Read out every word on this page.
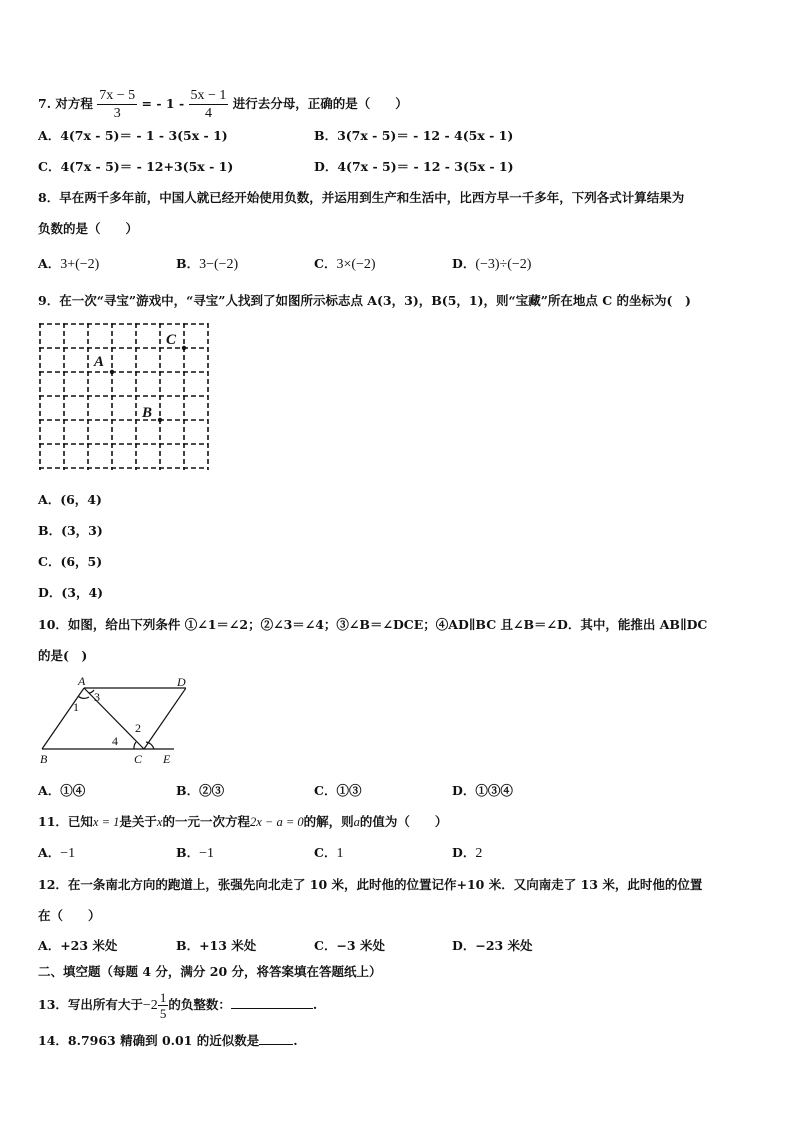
7. 对方程 $\frac{7x - 5}{3}$ = - $1 - \frac{5x - 1}{4}$ 进行去分母，正确的是（　　）
A．4(7x - 5)＝ - 1 - 3(5x - 1)	B．3(7x - 5)＝ - 12 - 4(5x - 1)
C．4(7x - 5)＝ - 12+3(5x - 1)	D．4(7x - 5)＝ - 12 - 3(5x - 1)
8．早在两千多年前，中国人就已经开始使用负数，并运用到生产和生活中，比西方早一千多年，下列各式计算结果为
负数的是（　　）
A．3+(−2)	B．3−(−2)	C．3×(−2)	D．(−3)÷(−2)
9．在一次“寻宝”游戏中，“寻宝”人找到了如图所示标志点 A(3，3)，B(5，1)，则“宝藏”所在地点 C 的坐标为(　)
A
B
C
A．(6，4)
B．(3，3)
C．(6，5)
D．(3，4)
10．如图，给出下列条件 ①∠1＝∠2；②∠3＝∠4；③∠B＝∠DCE；④AD∥BC 且∠B＝∠D．其中，能推出 AB∥DC
的是(　)
A	D
B	C E
1
2
3
4
A．①④	B．②③	C．①③	D．①③④
11．已知x = 1是关于x的一元一次方程2x − a = 0的解，则a的值为（　　）
A．−1	B．−1	C．1	D．2
12．在一条南北方向的跑道上，张强先向北走了 10 米，此时他的位置记作+10 米．又向南走了 13 米，此时他的位置
在（　　）
A．+23 米处	B．+13 米处	C．−3 米处	D．−23 米处
二、填空题（每题 4 分，满分 20 分，将答案填在答题纸上）
13．写出所有大于$-2 \frac{1}{5}$ 的负整数：	.
14．8.7963 精确到 0.01 的近似数是	.
